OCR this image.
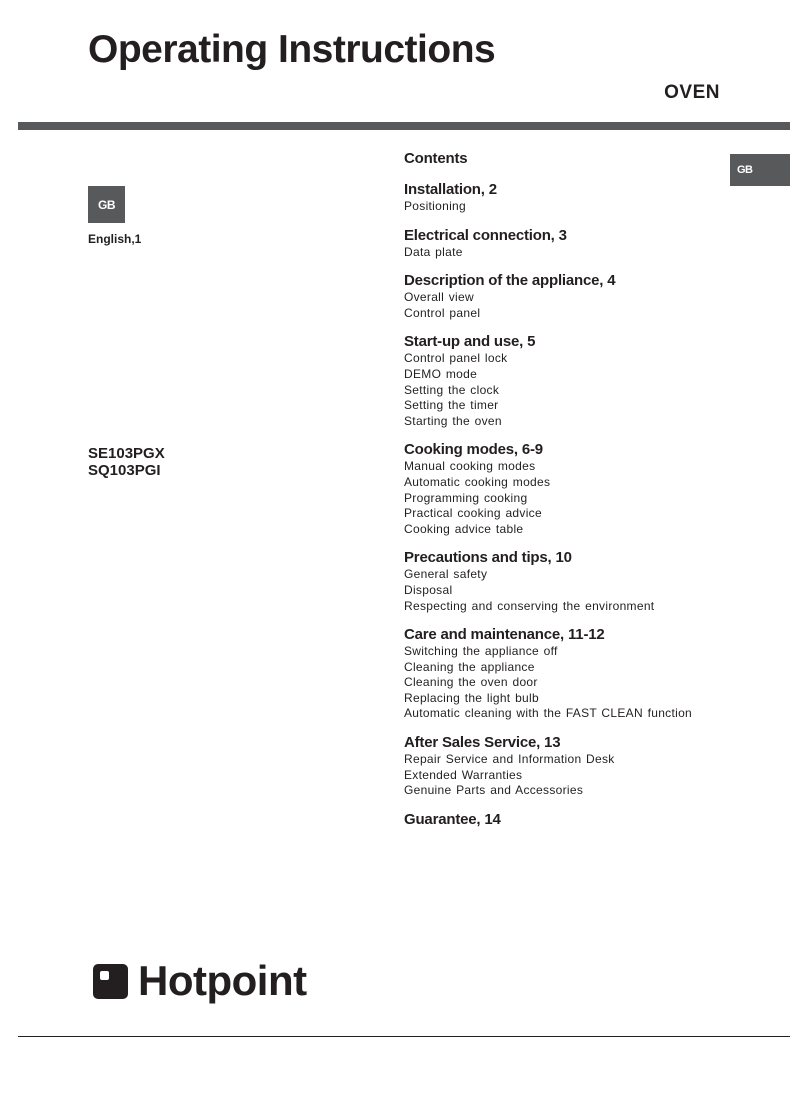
Operating Instructions
OVEN
GB
GB
English,1
SE103PGX
SQ103PGI
Contents
Installation, 2
Positioning
Electrical connection, 3
Data plate
Description of the appliance, 4
Overall view
Control panel
Start-up and use, 5
Control panel lock
DEMO mode
Setting the clock
Setting the timer
Starting the oven
Cooking modes, 6-9
Manual cooking modes
Automatic cooking modes
Programming cooking
Practical cooking advice
Cooking advice table
Precautions and tips, 10
General safety
Disposal
Respecting and conserving the environment
Care and maintenance, 11-12
Switching the appliance off
Cleaning the appliance
Cleaning the oven door
Replacing the light bulb
Automatic cleaning with the FAST CLEAN function
After Sales Service, 13
Repair Service and Information Desk
Extended Warranties
Genuine Parts and Accessories
Guarantee, 14
Hotpoint
